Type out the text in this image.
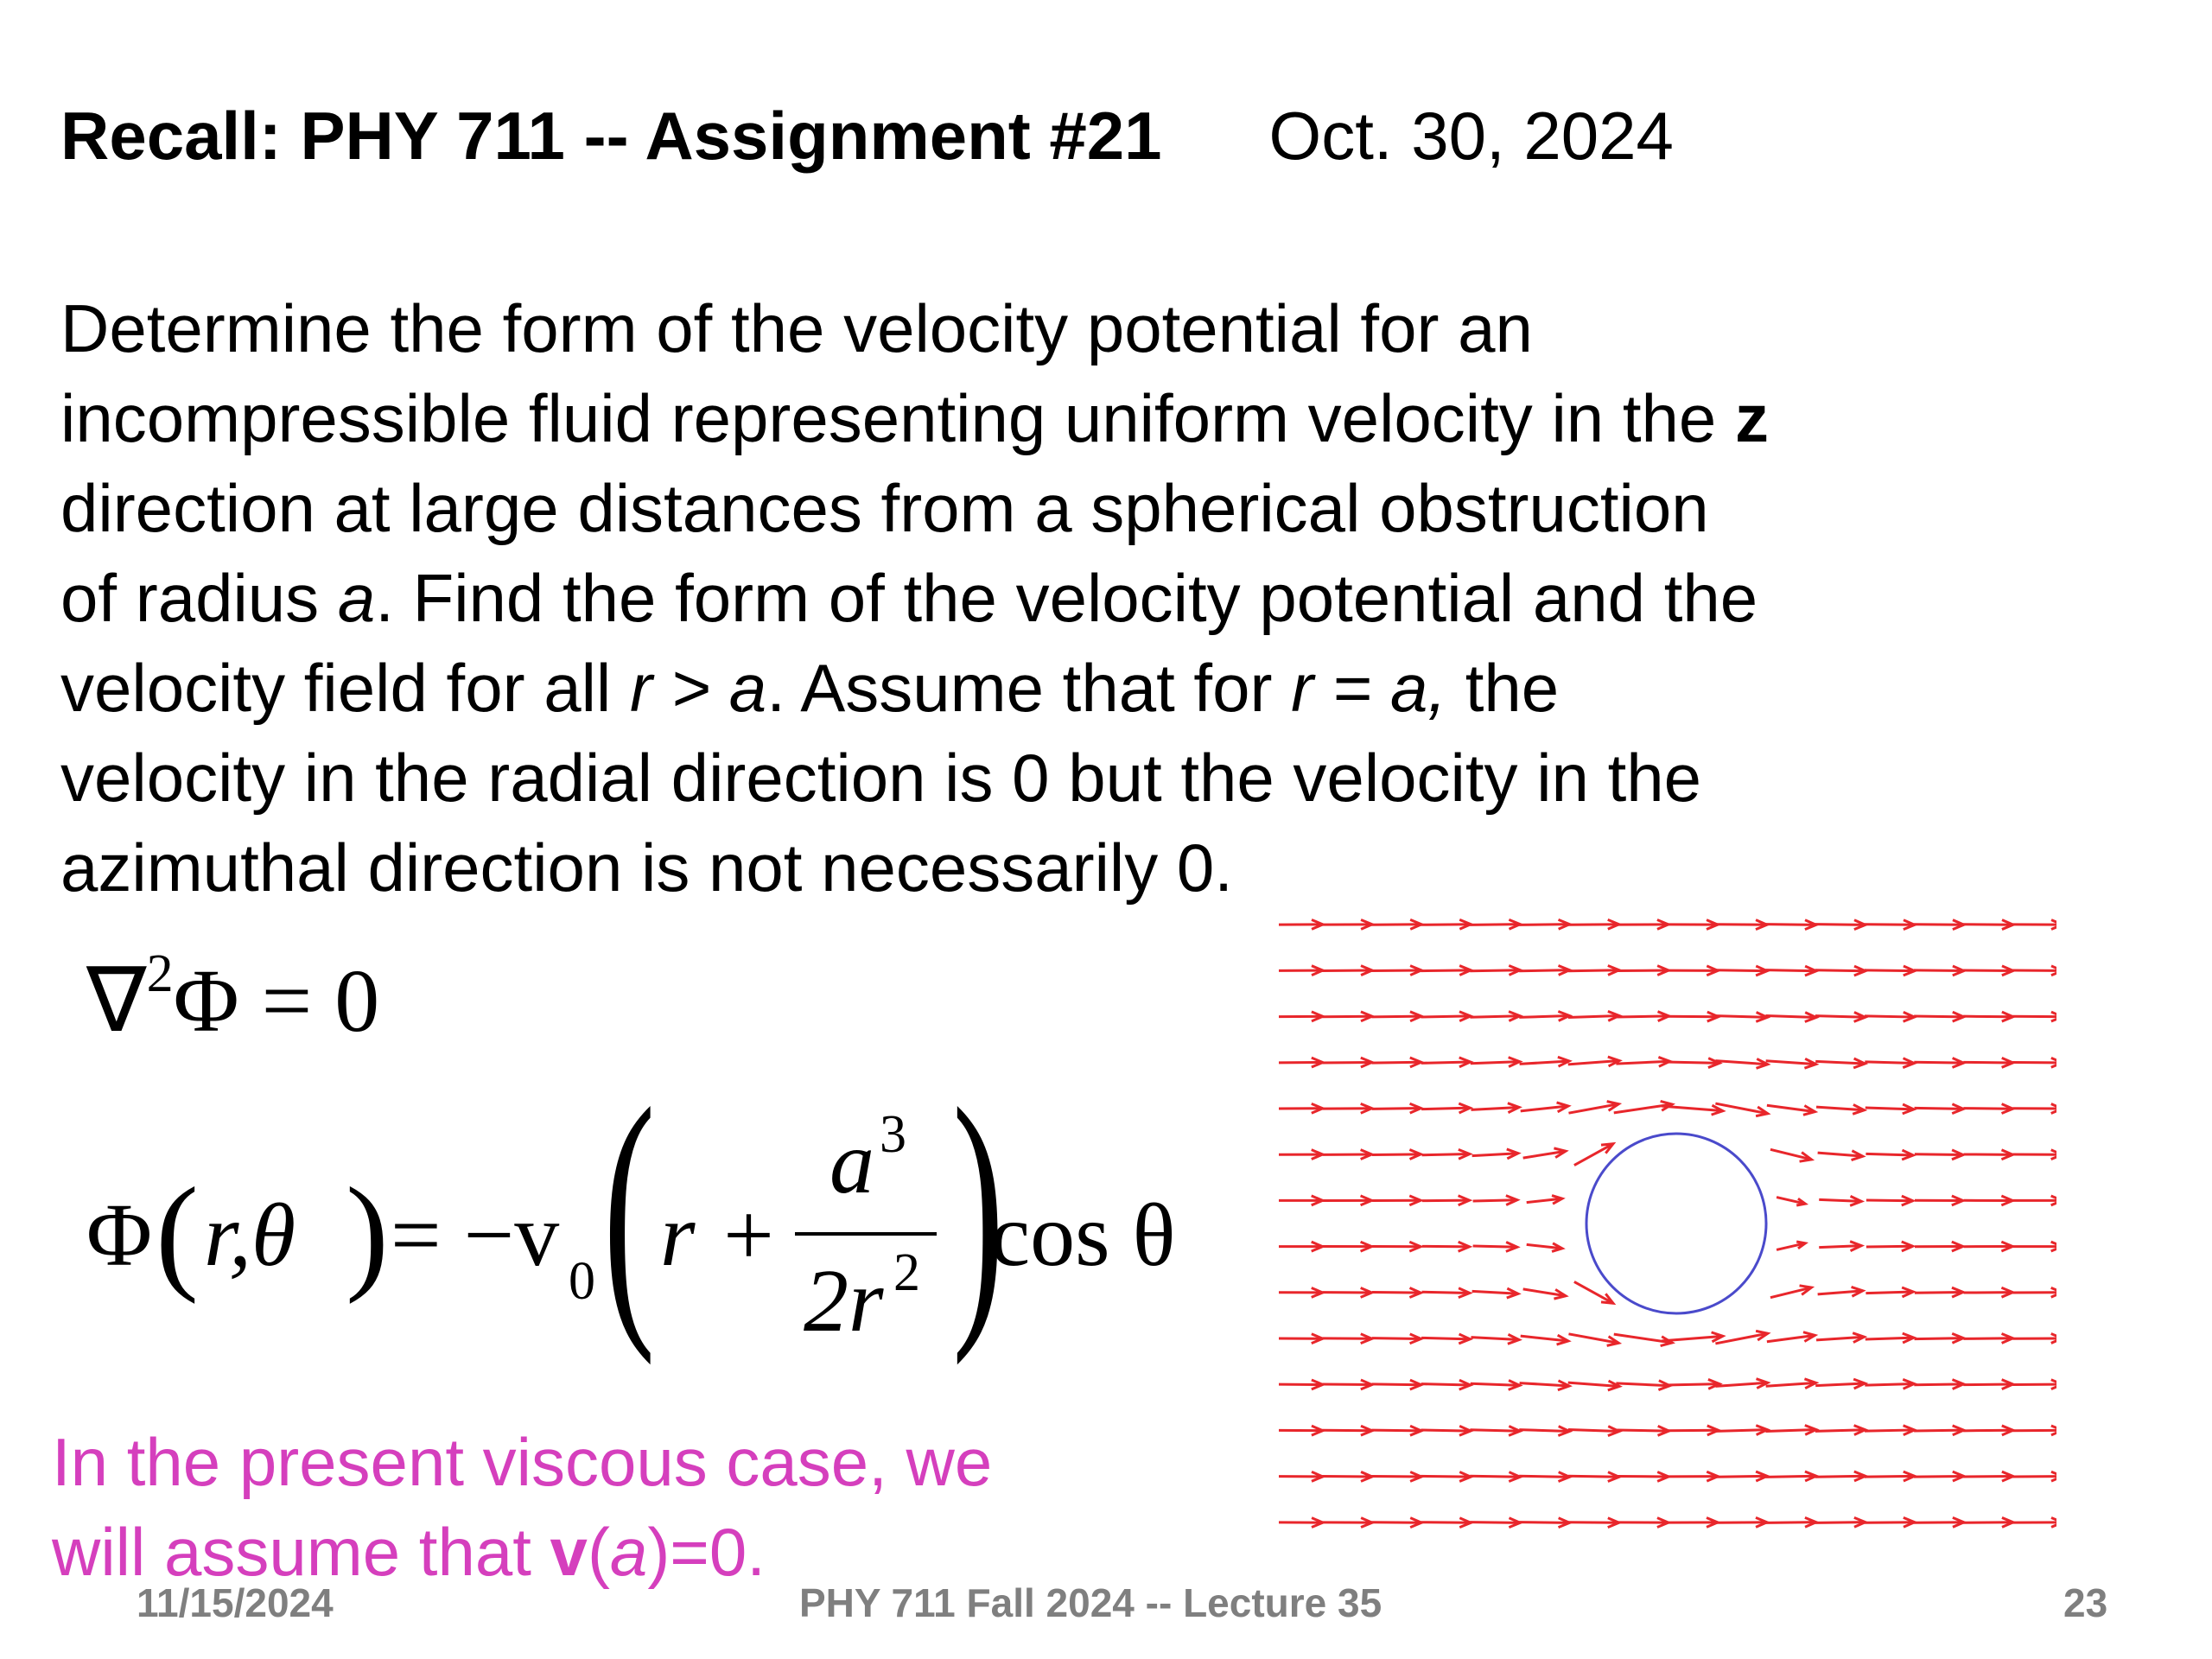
Recall: PHY 711 -- Assignment #21 Oct. 30, 2024
Determine the form of the velocity potential for an
incompressible fluid representing uniform velocity in the z
direction at large distances from a spherical obstruction
of radius a. Find the form of the velocity potential and the
velocity field for all r > a. Assume that for r = a, the
velocity in the radial direction is 0 but the velocity in the
azimuthal direction is not necessarily 0.
∇$^2$Φ = 0
Φ ( r,θ ) = −v 0 ( r +
a 3
2r 2 )
cos θ
In the present viscous case, we
will assume that v(a)=0.
11/15/2024	PHY 711 Fall 2024 -- Lecture 35	23
